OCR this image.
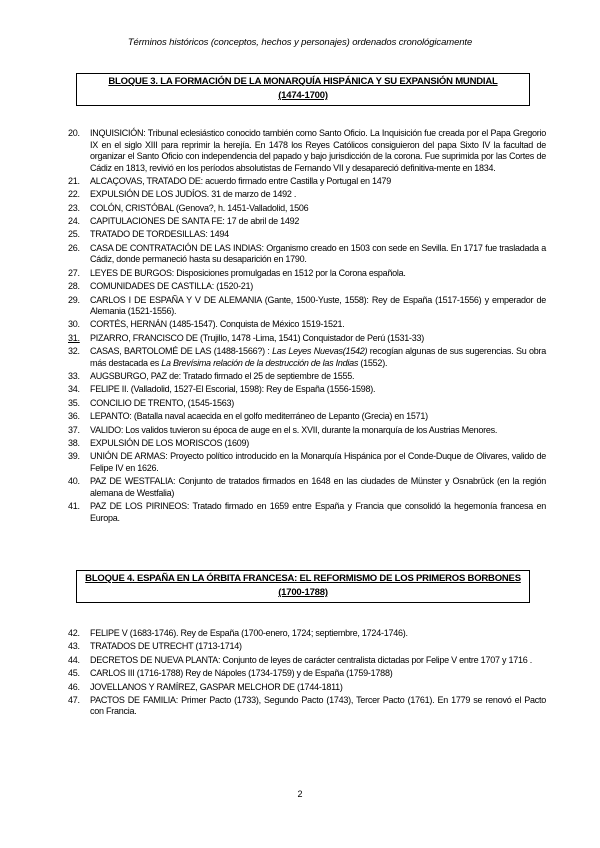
Términos históricos (conceptos, hechos y personajes) ordenados cronológicamente
BLOQUE 3. LA FORMACIÓN DE LA MONARQUÍA HISPÁNICA Y SU EXPANSIÓN MUNDIAL
(1474-1700)
20.	INQUISICIÓN: Tribunal eclesiástico conocido también como Santo Oficio. La Inquisición fue creada por el Papa Gregorio IX en el siglo XIII para reprimir la herejía. En 1478 los Reyes Católicos consiguieron del papa Sixto IV la facultad de organizar el Santo Oficio con independencia del papado y bajo jurisdicción de la corona. Fue suprimida por las Cortes de Cádiz en 1813, revivió en los períodos absolutistas de Fernando VII y desapareció definitiva-mente en 1834.
21.	ALCAÇOVAS, TRATADO DE: acuerdo firmado entre Castilla y Portugal en 1479
22.	EXPULSIÓN DE LOS JUDÍOS. 31 de marzo de 1492 .
23.	COLÓN, CRISTÓBAL (Genova?, h. 1451-Valladolid, 1506
24.	CAPITULACIONES DE SANTA FE: 17 de abril de 1492
25.	TRATADO DE TORDESILLAS: 1494
26.	CASA DE CONTRATACIÓN DE LAS INDIAS: Organismo creado en 1503 con sede en Sevilla. En 1717 fue trasladada a Cádiz, donde permaneció hasta su desaparición en 1790.
27.	LEYES DE BURGOS: Disposiciones promulgadas en 1512 por la Corona española.
28.	COMUNIDADES DE CASTILLA: (1520-21)
29.	CARLOS I DE ESPAÑA Y V DE ALEMANIA (Gante, 1500-Yuste, 1558): Rey de España (1517-1556) y emperador de Alemania (1521-1556).
30.	CORTÉS, HERNÁN (1485-1547). Conquista de México 1519-1521.
31.	PIZARRO, FRANCISCO DE (Trujillo, 1478 -Lima, 1541) Conquistador de Perú (1531-33)
32.	CASAS, BARTOLOMÉ DE LAS (1488-1566?) : Las Leyes Nuevas(1542) recogían algunas de sus sugerencias. Su obra más destacada es La Brevísima relación de la destrucción de las Indias (1552).
33.	AUGSBURGO, PAZ de: Tratado firmado el 25 de septiembre de 1555.
34.	FELIPE II. (Valladolid, 1527-El Escorial, 1598): Rey de España (1556-1598).
35.	CONCILIO DE TRENTO, (1545-1563)
36.	LEPANTO: (Batalla naval acaecida en el golfo mediterráneo de Lepanto (Grecia) en 1571)
37.	VALIDO: Los validos tuvieron su época de auge en el s. XVII, durante la monarquía de los Austrias Menores.
38.	EXPULSIÓN DE LOS MORISCOS (1609)
39.	UNIÓN DE ARMAS: Proyecto político introducido en la Monarquía Hispánica por el Conde-Duque de Olivares, valido de Felipe IV en 1626.
40.	PAZ DE WESTFALIA: Conjunto de tratados firmados en 1648 en las ciudades de Münster y Osnabrück (en la región alemana de Westfalia)
41.	PAZ DE LOS PIRINEOS: Tratado firmado en 1659 entre España y Francia que consolidó la hegemonía francesa en Europa.
BLOQUE 4. ESPAÑA EN LA ÓRBITA FRANCESA: EL REFORMISMO DE LOS PRIMEROS BORBONES
(1700-1788)
42.	FELIPE V (1683-1746). Rey de España (1700-enero, 1724; septiembre, 1724-1746).
43.	TRATADOS DE UTRECHT (1713-1714)
44.	DECRETOS DE NUEVA PLANTA: Conjunto de leyes de carácter centralista dictadas por Felipe V entre 1707 y 1716 .
45.	CARLOS III (1716-1788) Rey de Nápoles (1734-1759) y de España (1759-1788)
46.	JOVELLANOS Y RAMÍREZ, GASPAR MELCHOR DE (1744-1811)
47.	PACTOS DE FAMILIA: Primer Pacto (1733), Segundo Pacto (1743), Tercer Pacto (1761). En 1779 se renovó el Pacto con Francia.
2
